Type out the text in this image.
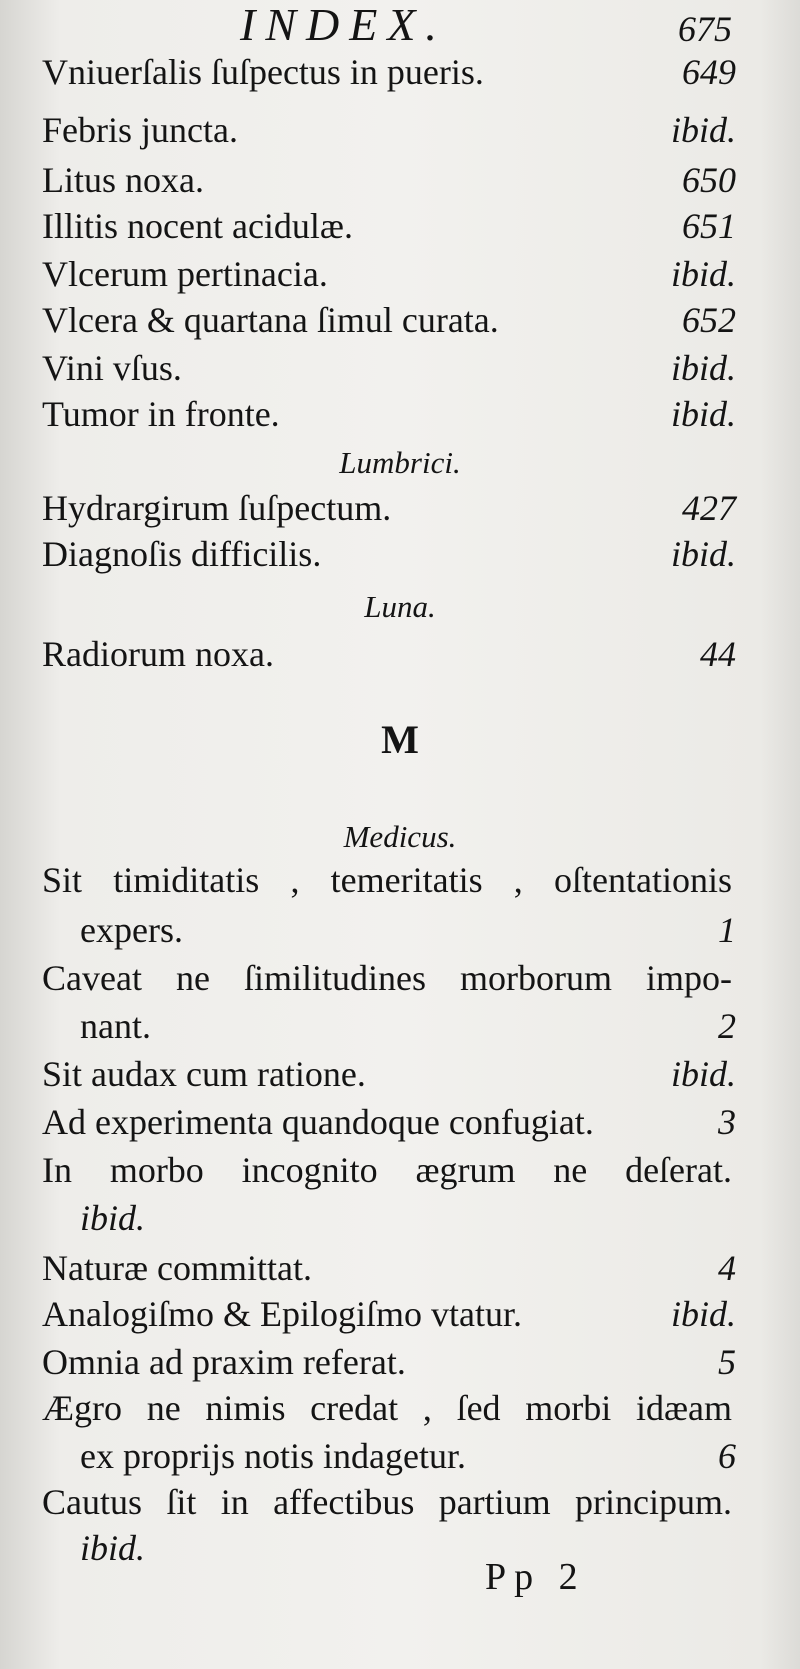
INDEX.	675
Vniuerſalis ſuſpectus in pueris.	649
Febris juncta.	ibid.
Litus noxa.	650
Illitis nocent acidulæ.	651
Vlcerum pertinacia.	ibid.
Vlcera & quartana ſimul curata.	652
Vini vſus.	ibid.
Tumor in fronte.	ibid.
Lumbrici.
Hydrargirum ſuſpectum.	427
Diagnoſis difficilis.	ibid.
Luna.
Radiorum noxa.	44
M
Medicus.
Sit timiditatis , temeritatis , oſtentationis
expers.	1
Caveat ne ſimilitudines morborum impo-
nant.	2
Sit audax cum ratione.	ibid.
Ad experimenta quandoque confugiat.	3
In morbo incognito ægrum ne deſerat.
ibid.
Naturæ committat.	4
Analogiſmo & Epilogiſmo vtatur.	ibid.
Omnia ad praxim referat.	5
Ægro ne nimis credat , ſed morbi idæam
ex proprijs notis indagetur.	6
Cautus ſit in affectibus partium principum.
ibid.
Pp 2
